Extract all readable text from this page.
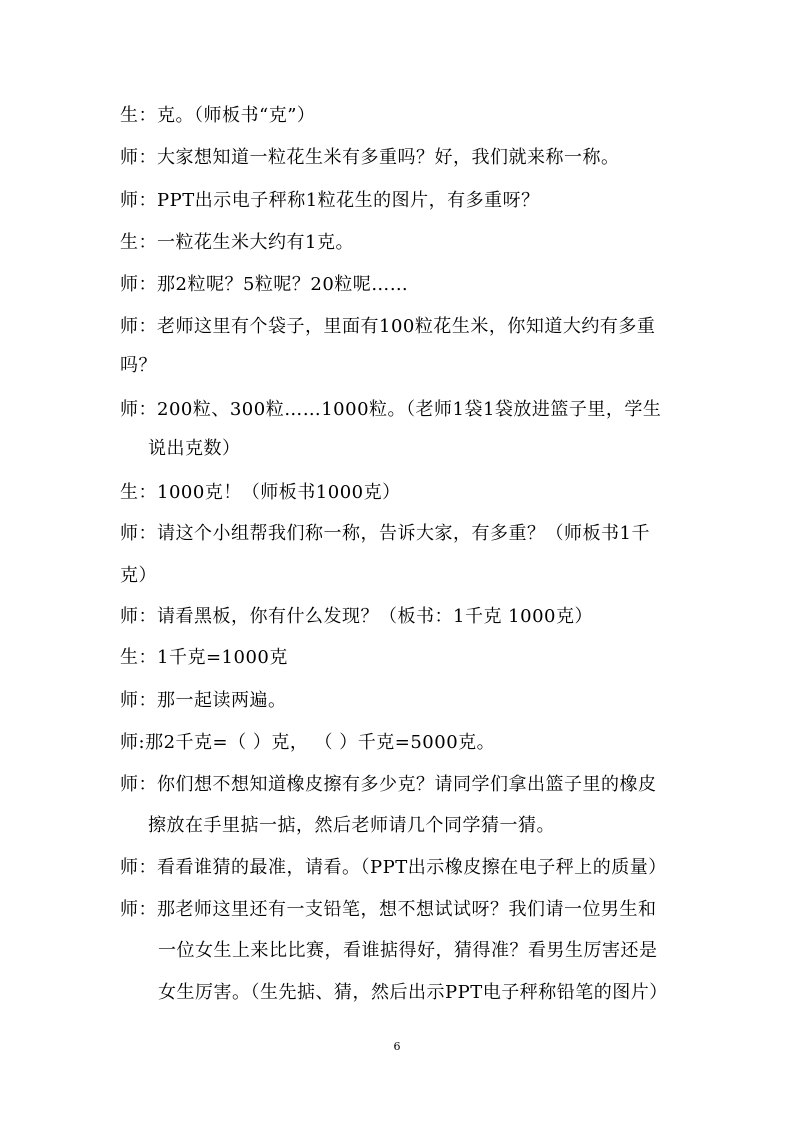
生：克。（师板书“克”）
师：大家想知道一粒花生米有多重吗？好，我们就来称一称。
师：PPT出示电子秤称1粒花生的图片，有多重呀？
生：一粒花生米大约有1克。
师：那2粒呢？5粒呢？20粒呢……
师：老师这里有个袋子，里面有100粒花生米，你知道大约有多重
吗？
师：200粒、300粒……1000粒。（老师1袋1袋放进篮子里，学生
说出克数）
生：1000克！（师板书1000克）
师：请这个小组帮我们称一称，告诉大家，有多重？（师板书1千
克）
师：请看黑板，你有什么发现？（板书：1千克 1000克）
生：1千克=1000克
师：那一起读两遍。
师:那2千克=（ ）克， （ ）千克=5000克。
师：你们想不想知道橡皮擦有多少克？请同学们拿出篮子里的橡皮
擦放在手里掂一掂，然后老师请几个同学猜一猜。
师：看看谁猜的最准，请看。（PPT出示橡皮擦在电子秤上的质量）
师：那老师这里还有一支铅笔，想不想试试呀？我们请一位男生和
一位女生上来比比赛，看谁掂得好，猜得准？看男生厉害还是
女生厉害。（生先掂、猜，然后出示PPT电子秤称铅笔的图片）
6
